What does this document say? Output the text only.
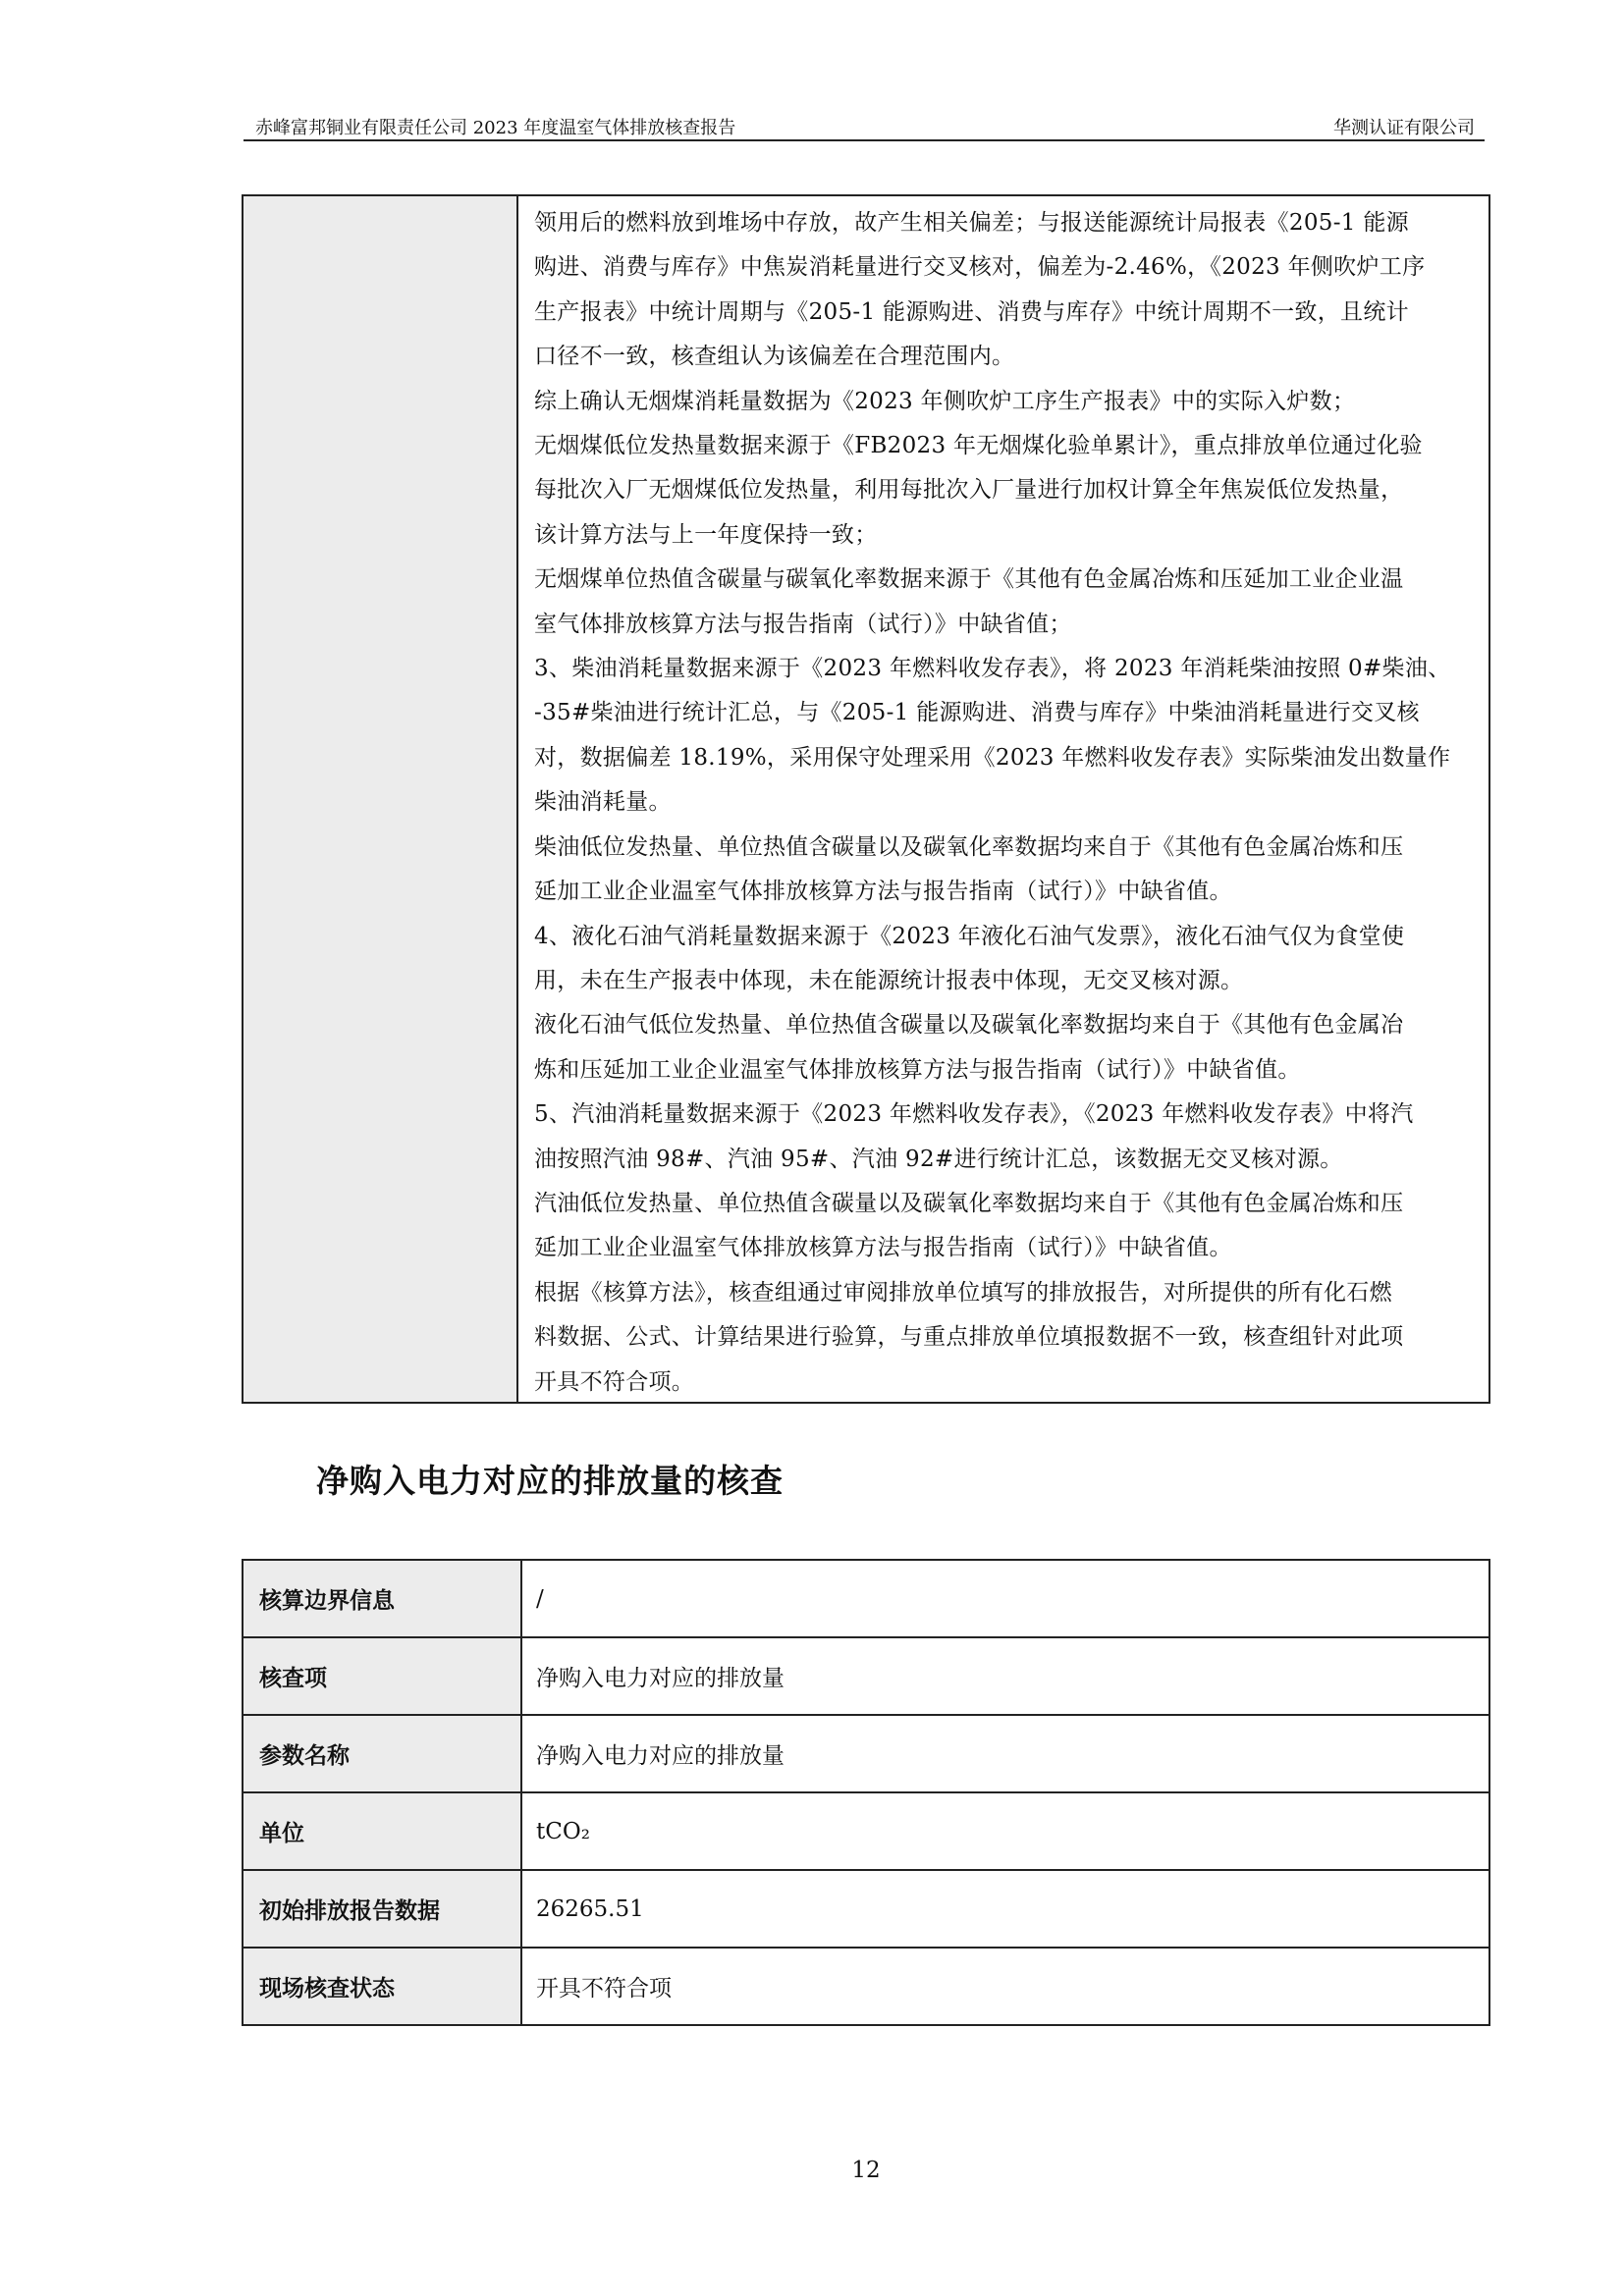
赤峰富邦铜业有限责任公司 2023 年度温室气体排放核查报告	华测认证有限公司

领用后的燃料放到堆场中存放，故产生相关偏差；与报送能源统计局报表《205-1 能源

购进、消费与库存》中焦炭消耗量进行交叉核对，偏差为-2.46%，《2023 年侧吹炉工序

生产报表》中统计周期与《205-1 能源购进、消费与库存》中统计周期不一致，且统计

口径不一致，核查组认为该偏差在合理范围内。

综上确认无烟煤消耗量数据为《2023 年侧吹炉工序生产报表》中的实际入炉数；

无烟煤低位发热量数据来源于《FB2023 年无烟煤化验单累计》，重点排放单位通过化验

每批次入厂无烟煤低位发热量，利用每批次入厂量进行加权计算全年焦炭低位发热量，

该计算方法与上一年度保持一致；

无烟煤单位热值含碳量与碳氧化率数据来源于《其他有色金属冶炼和压延加工业企业温

室气体排放核算方法与报告指南（试行）》中缺省值；

3、柴油消耗量数据来源于《2023 年燃料收发存表》，将 2023 年消耗柴油按照 0#柴油、

-35#柴油进行统计汇总，与《205-1 能源购进、消费与库存》中柴油消耗量进行交叉核

对，数据偏差 18.19%，采用保守处理采用《2023 年燃料收发存表》实际柴油发出数量作

柴油消耗量。

柴油低位发热量、单位热值含碳量以及碳氧化率数据均来自于《其他有色金属冶炼和压

延加工业企业温室气体排放核算方法与报告指南（试行）》中缺省值。

4、液化石油气消耗量数据来源于《2023 年液化石油气发票》，液化石油气仅为食堂使

用，未在生产报表中体现，未在能源统计报表中体现，无交叉核对源。

液化石油气低位发热量、单位热值含碳量以及碳氧化率数据均来自于《其他有色金属冶

炼和压延加工业企业温室气体排放核算方法与报告指南（试行）》中缺省值。

5、汽油消耗量数据来源于《2023 年燃料收发存表》，《2023 年燃料收发存表》中将汽

油按照汽油 98#、汽油 95#、汽油 92#进行统计汇总，该数据无交叉核对源。

汽油低位发热量、单位热值含碳量以及碳氧化率数据均来自于《其他有色金属冶炼和压

延加工业企业温室气体排放核算方法与报告指南（试行）》中缺省值。

根据《核算方法》，核查组通过审阅排放单位填写的排放报告，对所提供的所有化石燃

料数据、公式、计算结果进行验算，与重点排放单位填报数据不一致，核查组针对此项

开具不符合项。

净购入电力对应的排放量的核查
核算边界信息	/
核查项	净购入电力对应的排放量
参数名称	净购入电力对应的排放量
单位	tCO₂
初始排放报告数据	26265.51
现场核查状态	开具不符合项
12
